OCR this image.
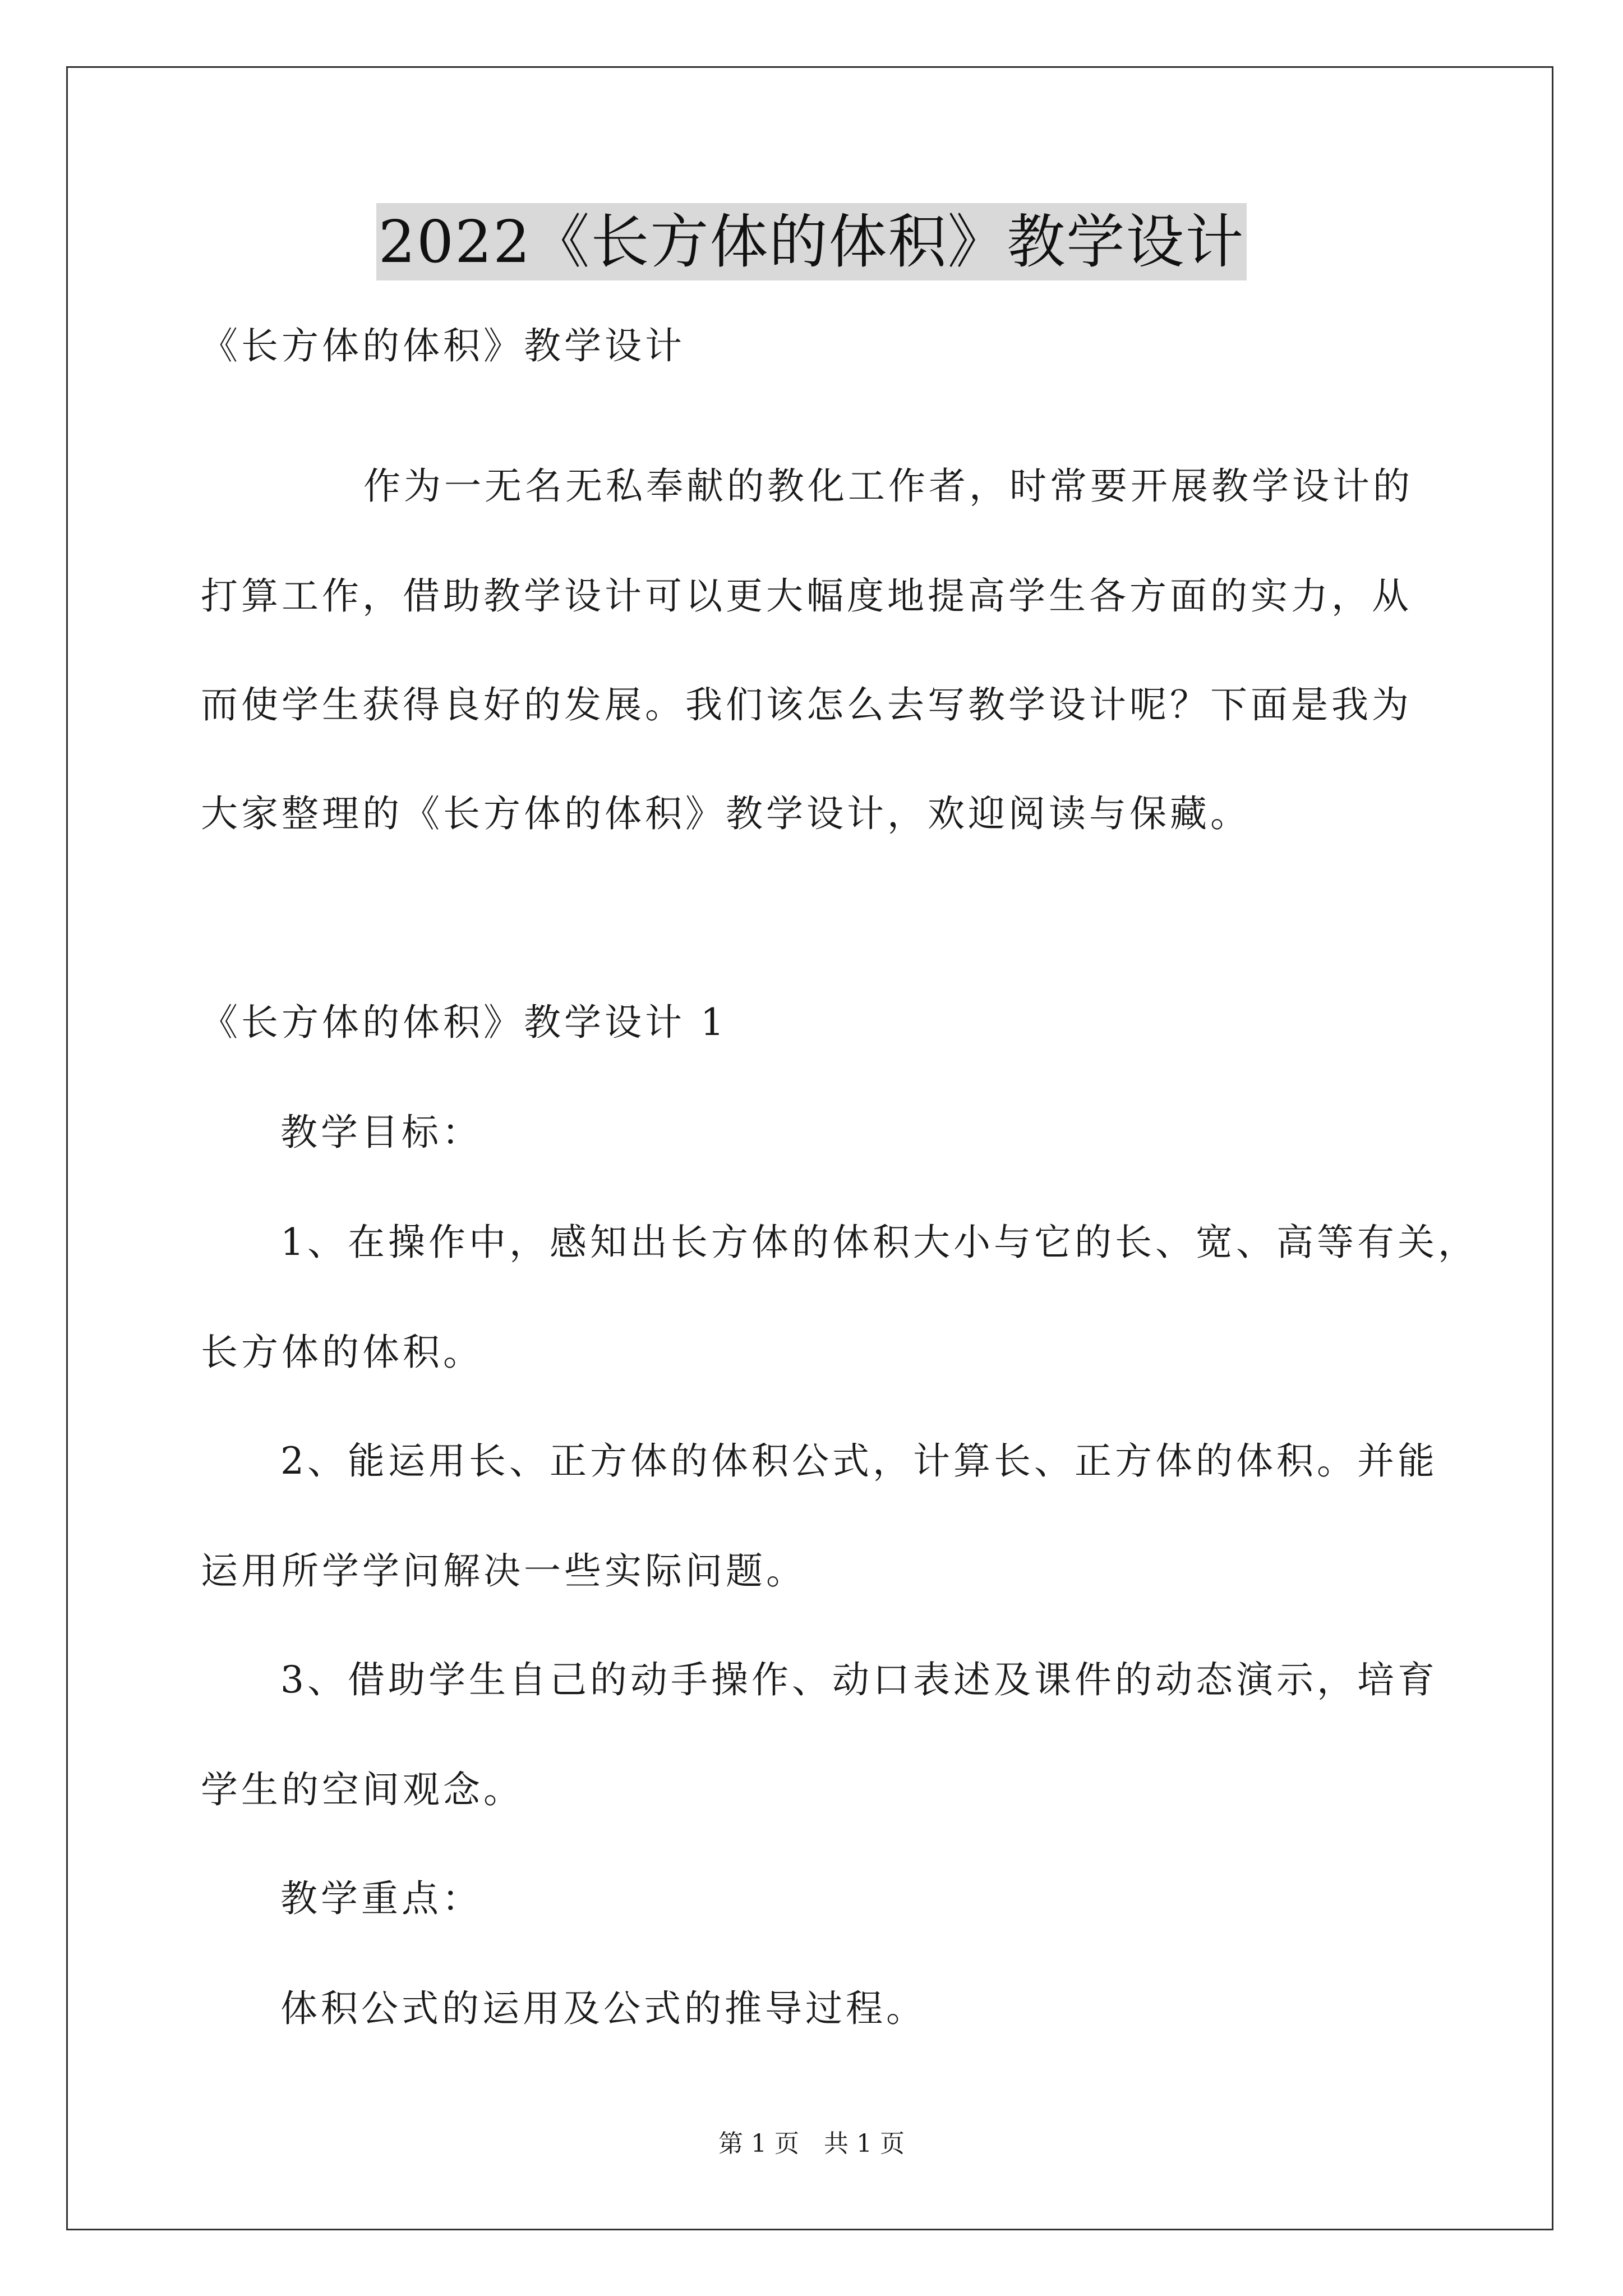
2022《长方体的体积》教学设计
《长方体的体积》教学设计
作为一无名无私奉献的教化工作者，时常要开展教学设计的
打算工作，借助教学设计可以更大幅度地提高学生各方面的实力，从
而使学生获得良好的发展。我们该怎么去写教学设计呢？下面是我为
大家整理的《长方体的体积》教学设计，欢迎阅读与保藏。
《长方体的体积》教学设计 1
教学目标：
1、在操作中，感知出长方体的体积大小与它的长、宽、高等有关，
长方体的体积。
2、能运用长、正方体的体积公式，计算长、正方体的体积。并能
运用所学学问解决一些实际问题。
3、借助学生自己的动手操作、动口表述及课件的动态演示，培育
学生的空间观念。
教学重点：
体积公式的运用及公式的推导过程。
第 1 页　共 1 页
